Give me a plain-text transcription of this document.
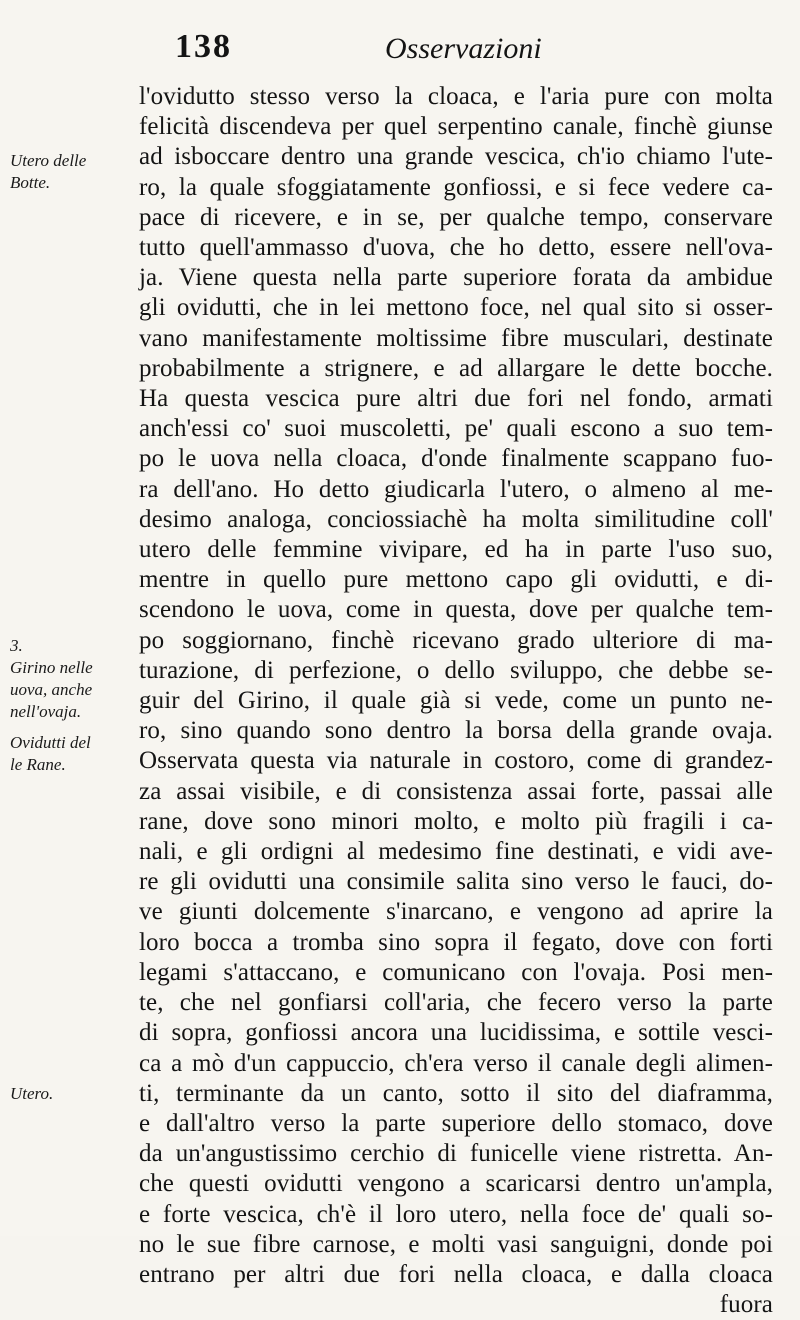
138	Osservazioni
Utero delle
Botte.
3.
Girino nelle
uova, anche
nell'ovaja.
Ovidutti del
le Rane.
Utero.
l'ovidutto stesso verso la cloaca, e l'aria pure con molta
felicità discendeva per quel serpentino canale, finchè giunse
ad isboccare dentro una grande vescica, ch'io chiamo l'ute-
ro, la quale sfoggiatamente gonfiossi, e si fece vedere ca-
pace di ricevere, e in se, per qualche tempo, conservare
tutto quell'ammasso d'uova, che ho detto, essere nell'ova-
ja. Viene questa nella parte superiore forata da ambidue
gli ovidutti, che in lei mettono foce, nel qual sito si osser-
vano manifestamente moltissime fibre musculari, destinate
probabilmente a strignere, e ad allargare le dette bocche.
Ha questa vescica pure altri due fori nel fondo, armati
anch'essi co' suoi muscoletti, pe' quali escono a suo tem-
po le uova nella cloaca, d'onde finalmente scappano fuo-
ra dell'ano. Ho detto giudicarla l'utero, o almeno al me-
desimo analoga, conciossiachè ha molta similitudine coll'
utero delle femmine vivipare, ed ha in parte l'uso suo,
mentre in quello pure mettono capo gli ovidutti, e di-
scendono le uova, come in questa, dove per qualche tem-
po soggiornano, finchè ricevano grado ulteriore di ma-
turazione, di perfezione, o dello sviluppo, che debbe se-
guir del Girino, il quale già si vede, come un punto ne-
ro, sino quando sono dentro la borsa della grande ovaja.
Osservata questa via naturale in costoro, come di grandez-
za assai visibile, e di consistenza assai forte, passai alle
rane, dove sono minori molto, e molto più fragili i ca-
nali, e gli ordigni al medesimo fine destinati, e vidi ave-
re gli ovidutti una consimile salita sino verso le fauci, do-
ve giunti dolcemente s'inarcano, e vengono ad aprire la
loro bocca a tromba sino sopra il fegato, dove con forti
legami s'attaccano, e comunicano con l'ovaja. Posi men-
te, che nel gonfiarsi coll'aria, che fecero verso la parte
di sopra, gonfiossi ancora una lucidissima, e sottile vesci-
ca a mò d'un cappuccio, ch'era verso il canale degli alimen-
ti, terminante da un canto, sotto il sito del diaframma,
e dall'altro verso la parte superiore dello stomaco, dove
da un'angustissimo cerchio di funicelle viene ristretta. An-
che questi ovidutti vengono a scaricarsi dentro un'ampla,
e forte vescica, ch'è il loro utero, nella foce de' quali so-
no le sue fibre carnose, e molti vasi sanguigni, donde poi
entrano per altri due fori nella cloaca, e dalla cloaca
fuora
